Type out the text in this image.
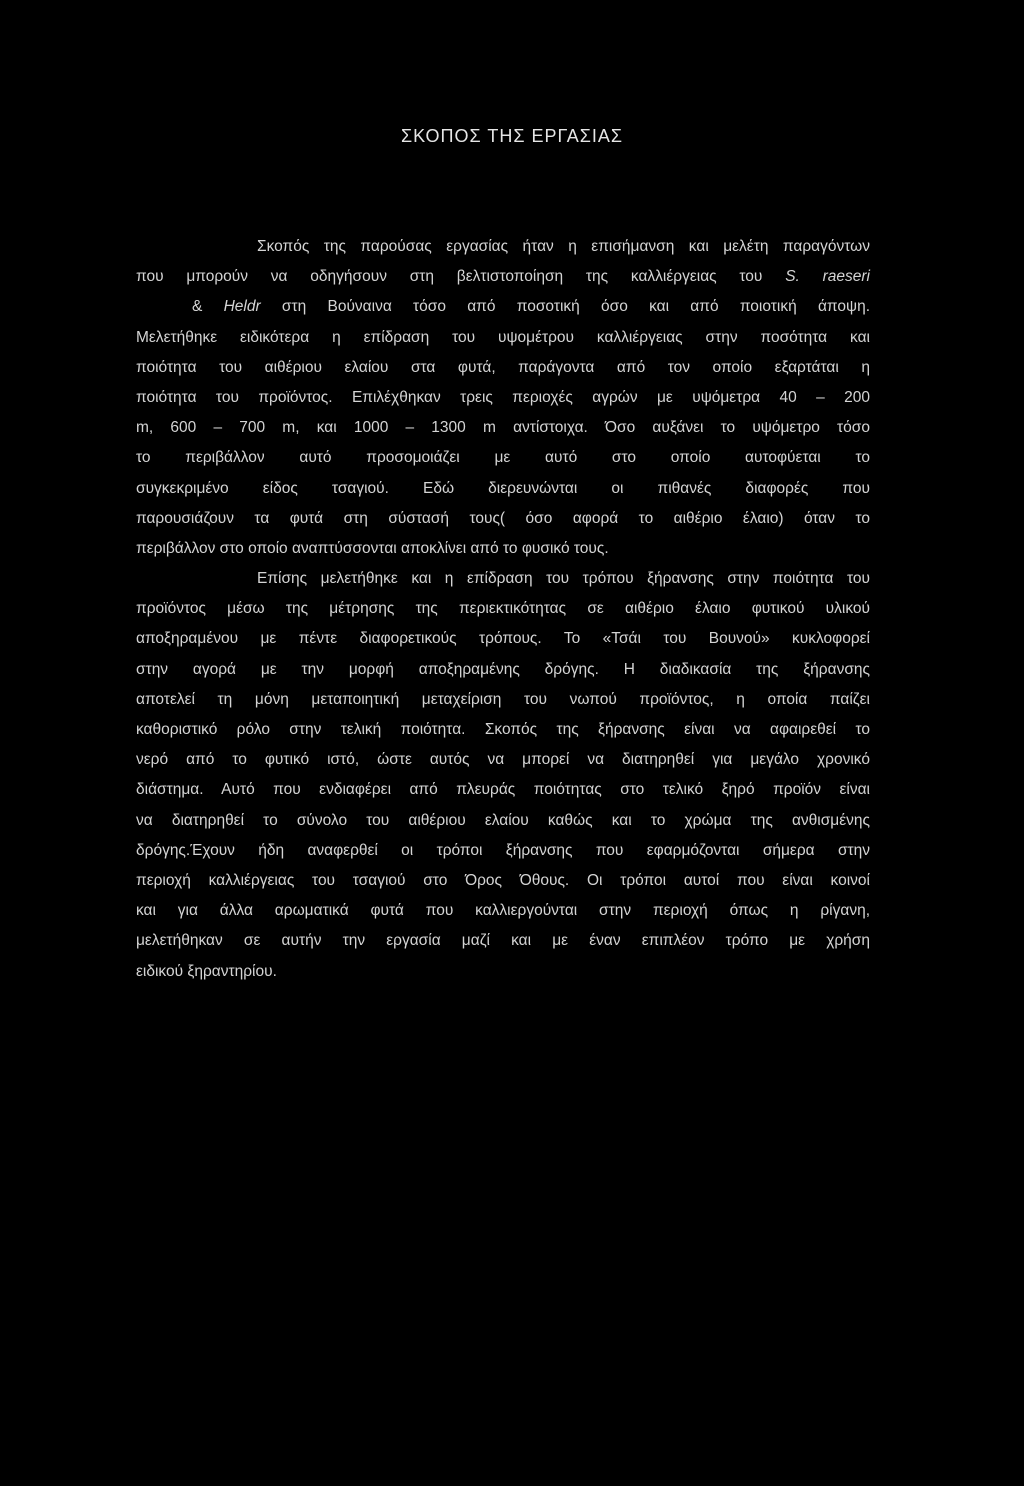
ΣΚΟΠΟΣ ΤΗΣ ΕΡΓΑΣΙΑΣ
Σκοπός της παρούσας εργασίας ήταν η επισήμανση και μελέτη παραγόντων
που μπορούν να οδηγήσουν στη βελτιστοποίηση της καλλιέργειας του S. raeseri
& Heldr στη Βούναινα τόσο από ποσοτική όσο και από ποιοτική άποψη.
Μελετήθηκε ειδικότερα η επίδραση του υψομέτρου καλλιέργειας στην ποσότητα και
ποιότητα του αιθέριου ελαίου στα φυτά, παράγοντα από τον οποίο εξαρτάται η
ποιότητα του προϊόντος. Επιλέχθηκαν τρεις περιοχές αγρών με υψόμετρα 40 – 200
m, 600 – 700 m, και 1000 – 1300 m αντίστοιχα. Όσο αυξάνει το υψόμετρο τόσο
το περιβάλλον αυτό προσομοιάζει με αυτό στο οποίο αυτοφύεται το
συγκεκριμένο είδος τσαγιού. Εδώ διερευνώνται οι πιθανές διαφορές που
παρουσιάζουν τα φυτά στη σύστασή τους( όσο αφορά το αιθέριο έλαιο) όταν το
περιβάλλον στο οποίο αναπτύσσονται αποκλίνει από το φυσικό τους.
Επίσης μελετήθηκε και η επίδραση του τρόπου ξήρανσης στην ποιότητα του
προϊόντος μέσω της μέτρησης της περιεκτικότητας σε αιθέριο έλαιο φυτικού υλικού
αποξηραμένου με πέντε διαφορετικούς τρόπους. Το «Τσάι του Βουνού» κυκλοφορεί
στην αγορά με την μορφή αποξηραμένης δρόγης. Η διαδικασία της ξήρανσης
αποτελεί τη μόνη μεταποιητική μεταχείριση του νωπού προϊόντος, η οποία παίζει
καθοριστικό ρόλο στην τελική ποιότητα. Σκοπός της ξήρανσης είναι να αφαιρεθεί το
νερό από το φυτικό ιστό, ώστε αυτός να μπορεί να διατηρηθεί για μεγάλο χρονικό
διάστημα. Αυτό που ενδιαφέρει από πλευράς ποιότητας στο τελικό ξηρό προϊόν είναι
να διατηρηθεί το σύνολο του αιθέριου ελαίου καθώς και το χρώμα της ανθισμένης
δρόγης.Έχουν ήδη αναφερθεί οι τρόποι ξήρανσης που εφαρμόζονται σήμερα στην
περιοχή καλλιέργειας του τσαγιού στο Όρος Όθους. Οι τρόποι αυτοί που είναι κοινοί
και για άλλα αρωματικά φυτά που καλλιεργούνται στην περιοχή όπως η ρίγανη,
μελετήθηκαν σε αυτήν την εργασία μαζί και με έναν επιπλέον τρόπο με χρήση
ειδικού ξηραντηρίου.
